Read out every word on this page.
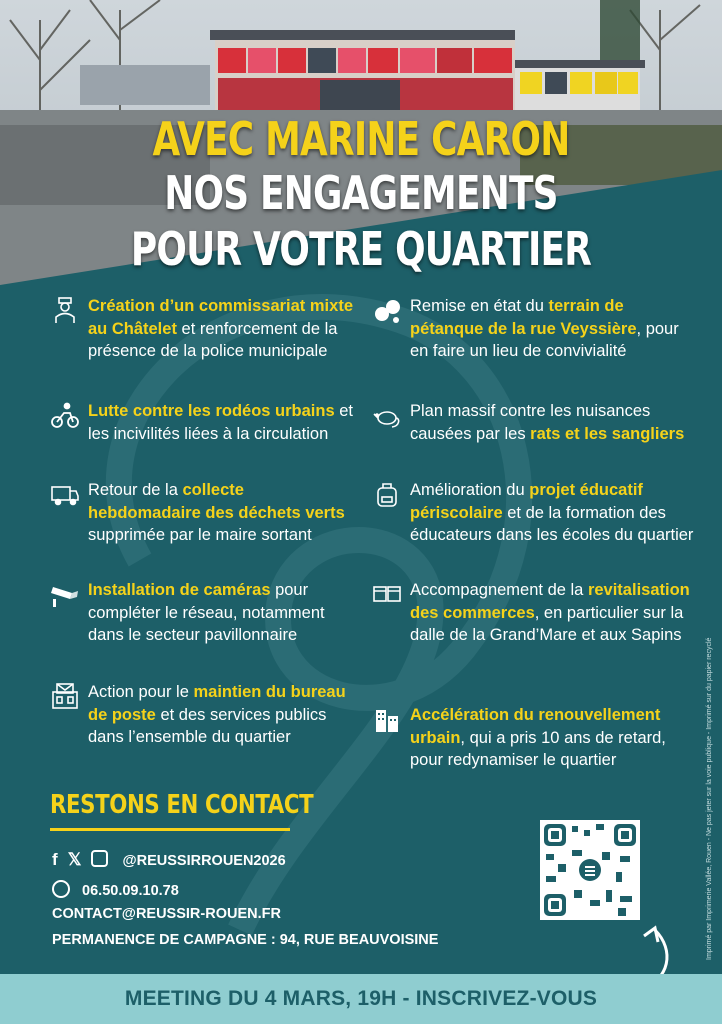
AVEC MARINE CARON
NOS ENGAGEMENTS
POUR VOTRE QUARTIER
Création d’un commissariat mixte au Châtelet et renforcement de la présence de la police municipale
Lutte contre les rodéos urbains et les incivilités liées à la circulation
Retour de la collecte hebdomadaire des déchets verts supprimée par le maire sortant
Installation de caméras pour compléter le réseau, notamment dans le secteur pavillonnaire
Action pour le maintien du bureau de poste et des services publics dans l’ensemble du quartier
Remise en état du terrain de pétanque de la rue Veyssière, pour en faire un lieu de convivialité
Plan massif contre les nuisances causées par les rats et les sangliers
Amélioration du projet éducatif périscolaire et de la formation des éducateurs dans les écoles du quartier
Accompagnement de la revitalisation des commerces, en particulier sur la dalle de la Grand’Mare et aux Sapins
Accélération du renouvellement urbain, qui a pris 10 ans de retard, pour redynamiser le quartier
RESTONS EN CONTACT
f 𝕏	@REUSSIRROUEN2026
06.50.09.10.78
CONTACT@REUSSIR-ROUEN.FR
PERMANENCE DE CAMPAGNE : 94, RUE BEAUVOISINE	Imprimé par Imprimerie Vallée, Rouen - Ne pas jeter sur la voie publique - Imprimé sur du papier recyclé
MEETING DU 4 MARS, 19H - INSCRIVEZ-VOUS
